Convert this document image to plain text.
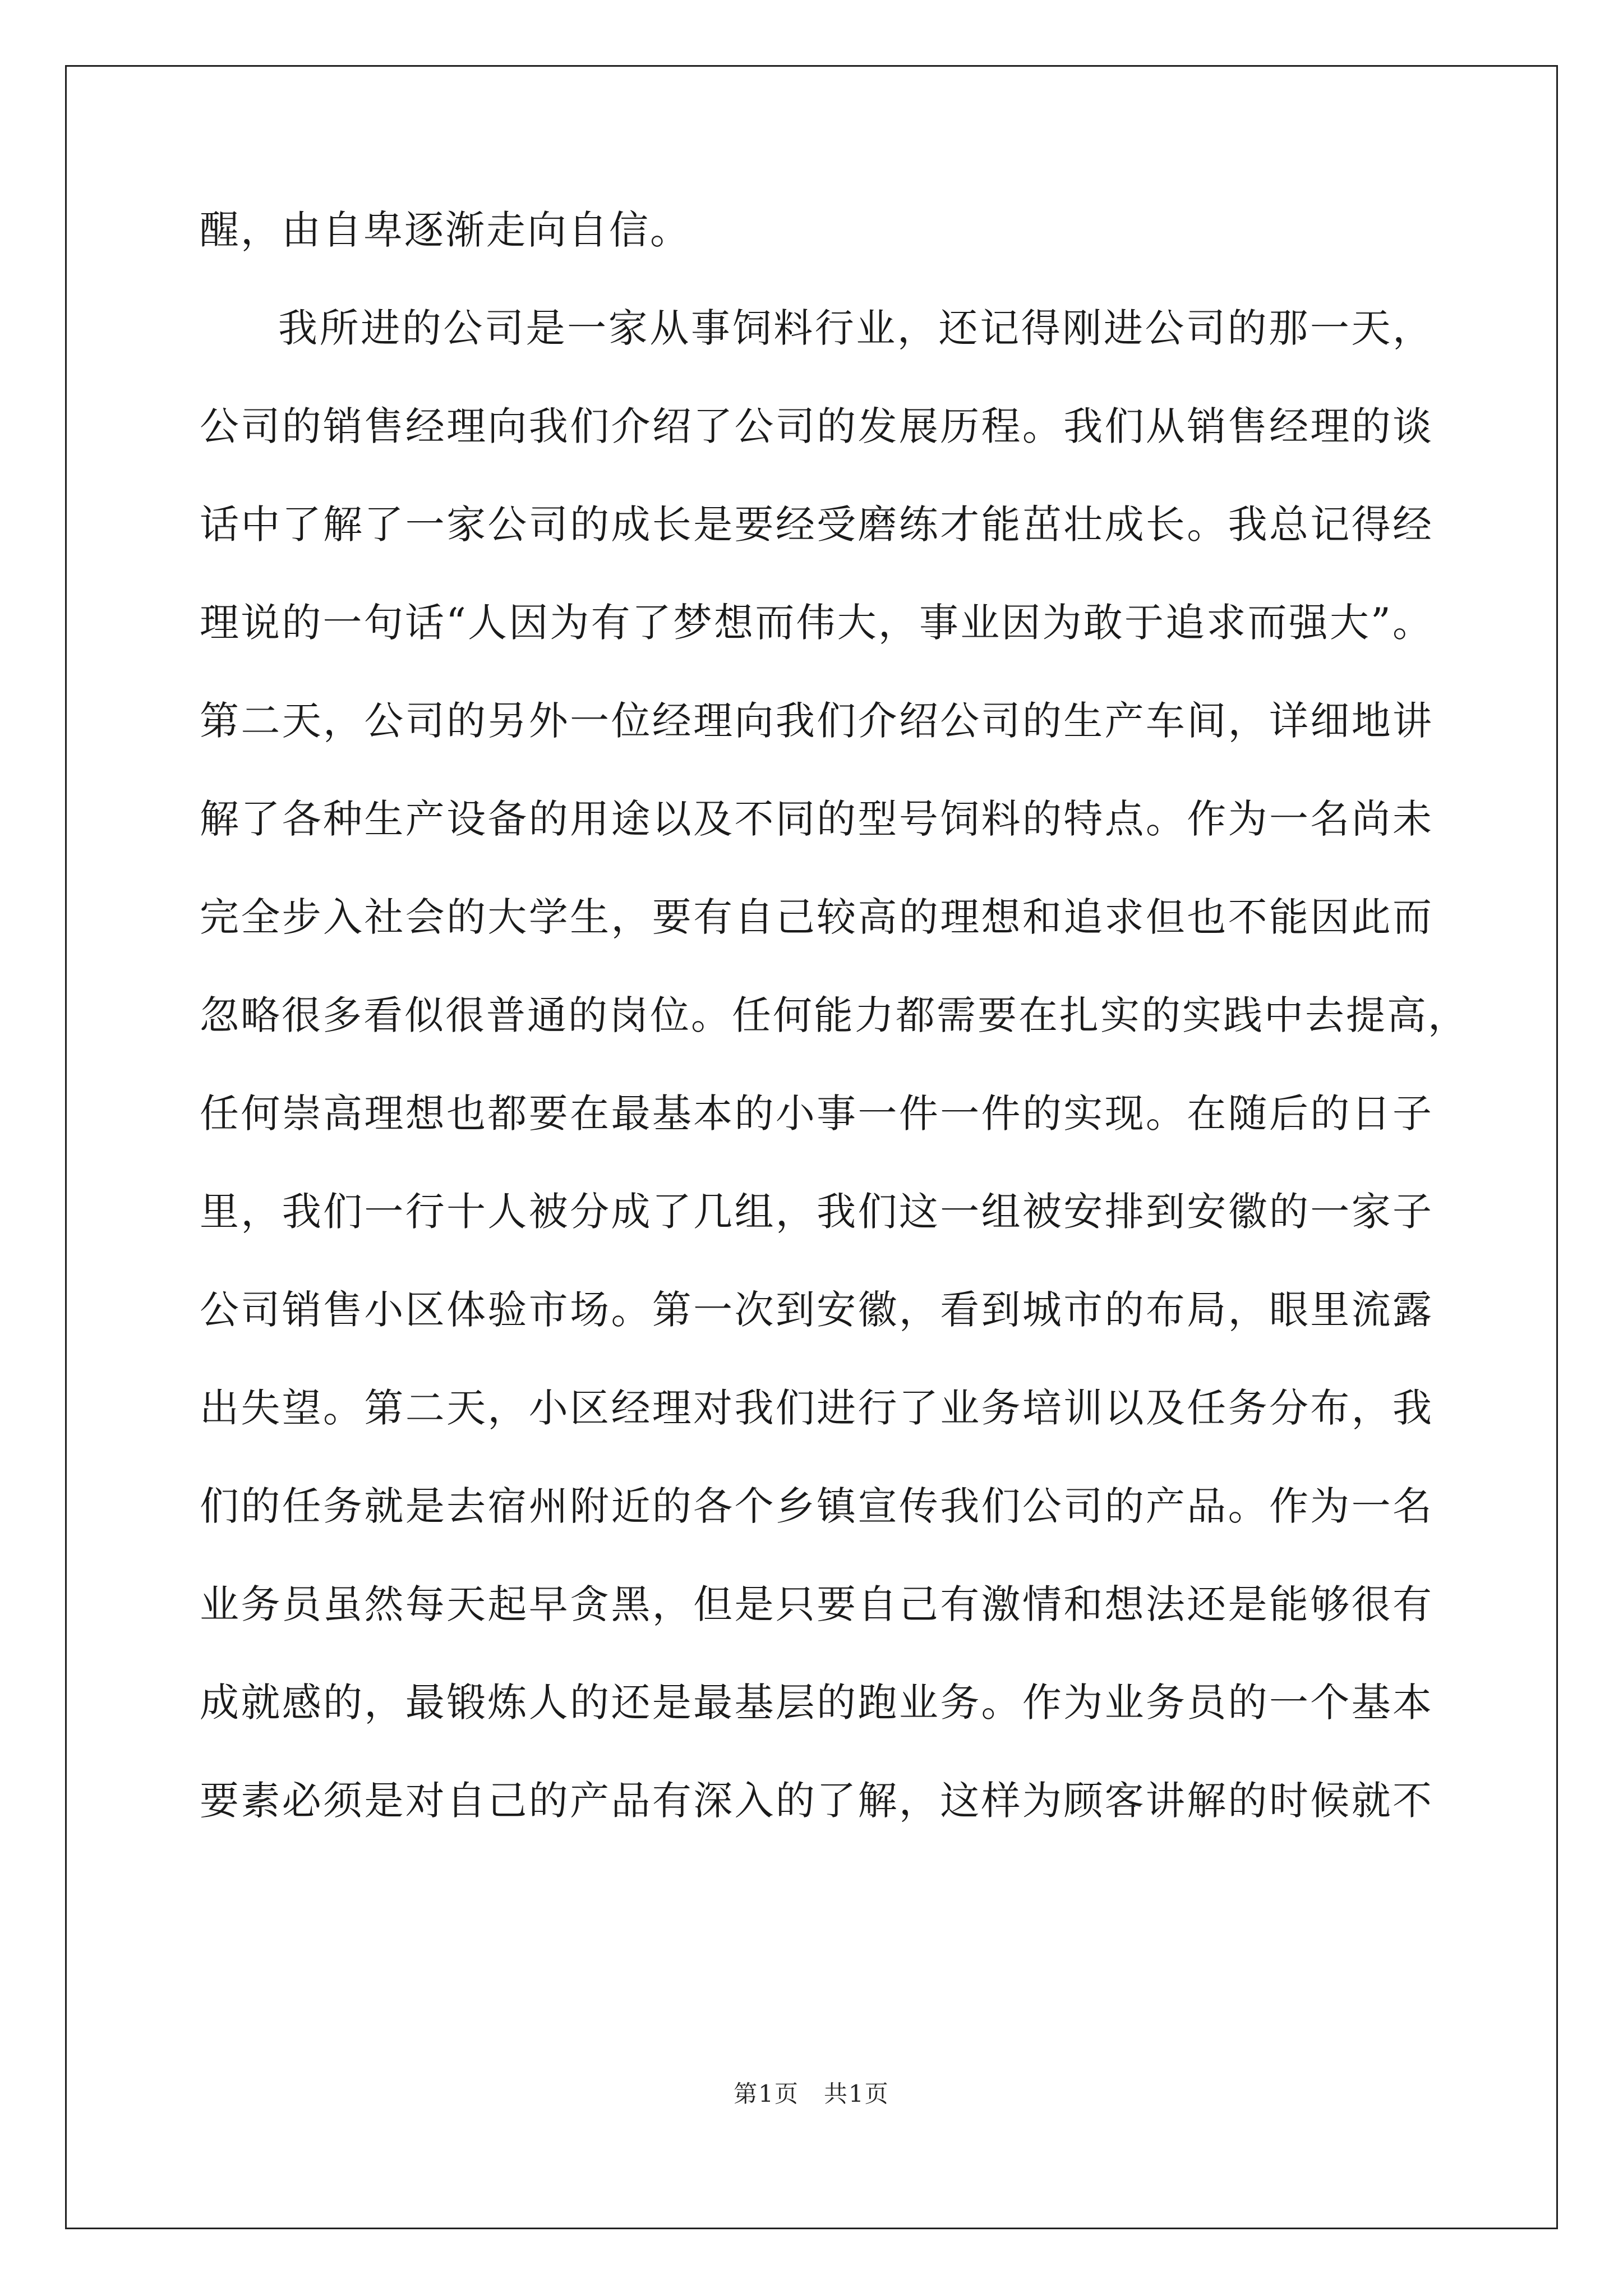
醒，由自卑逐渐走向自信。
我所进的公司是一家从事饲料行业，还记得刚进公司的那一天，
公司的销售经理向我们介绍了公司的发展历程。我们从销售经理的谈
话中了解了一家公司的成长是要经受磨练才能茁壮成长。我总记得经
理说的一句话“人因为有了梦想而伟大，事业因为敢于追求而强大”。
第二天，公司的另外一位经理向我们介绍公司的生产车间，详细地讲
解了各种生产设备的用途以及不同的型号饲料的特点。作为一名尚未
完全步入社会的大学生，要有自己较高的理想和追求但也不能因此而
忽略很多看似很普通的岗位。任何能力都需要在扎实的实践中去提高，
任何崇高理想也都要在最基本的小事一件一件的实现。在随后的日子
里，我们一行十人被分成了几组，我们这一组被安排到安徽的一家子
公司销售小区体验市场。第一次到安徽，看到城市的布局，眼里流露
出失望。第二天，小区经理对我们进行了业务培训以及任务分布，我
们的任务就是去宿州附近的各个乡镇宣传我们公司的产品。作为一名
业务员虽然每天起早贪黑，但是只要自己有激情和想法还是能够很有
成就感的，最锻炼人的还是最基层的跑业务。作为业务员的一个基本
要素必须是对自己的产品有深入的了解，这样为顾客讲解的时候就不
第1页　共1页
